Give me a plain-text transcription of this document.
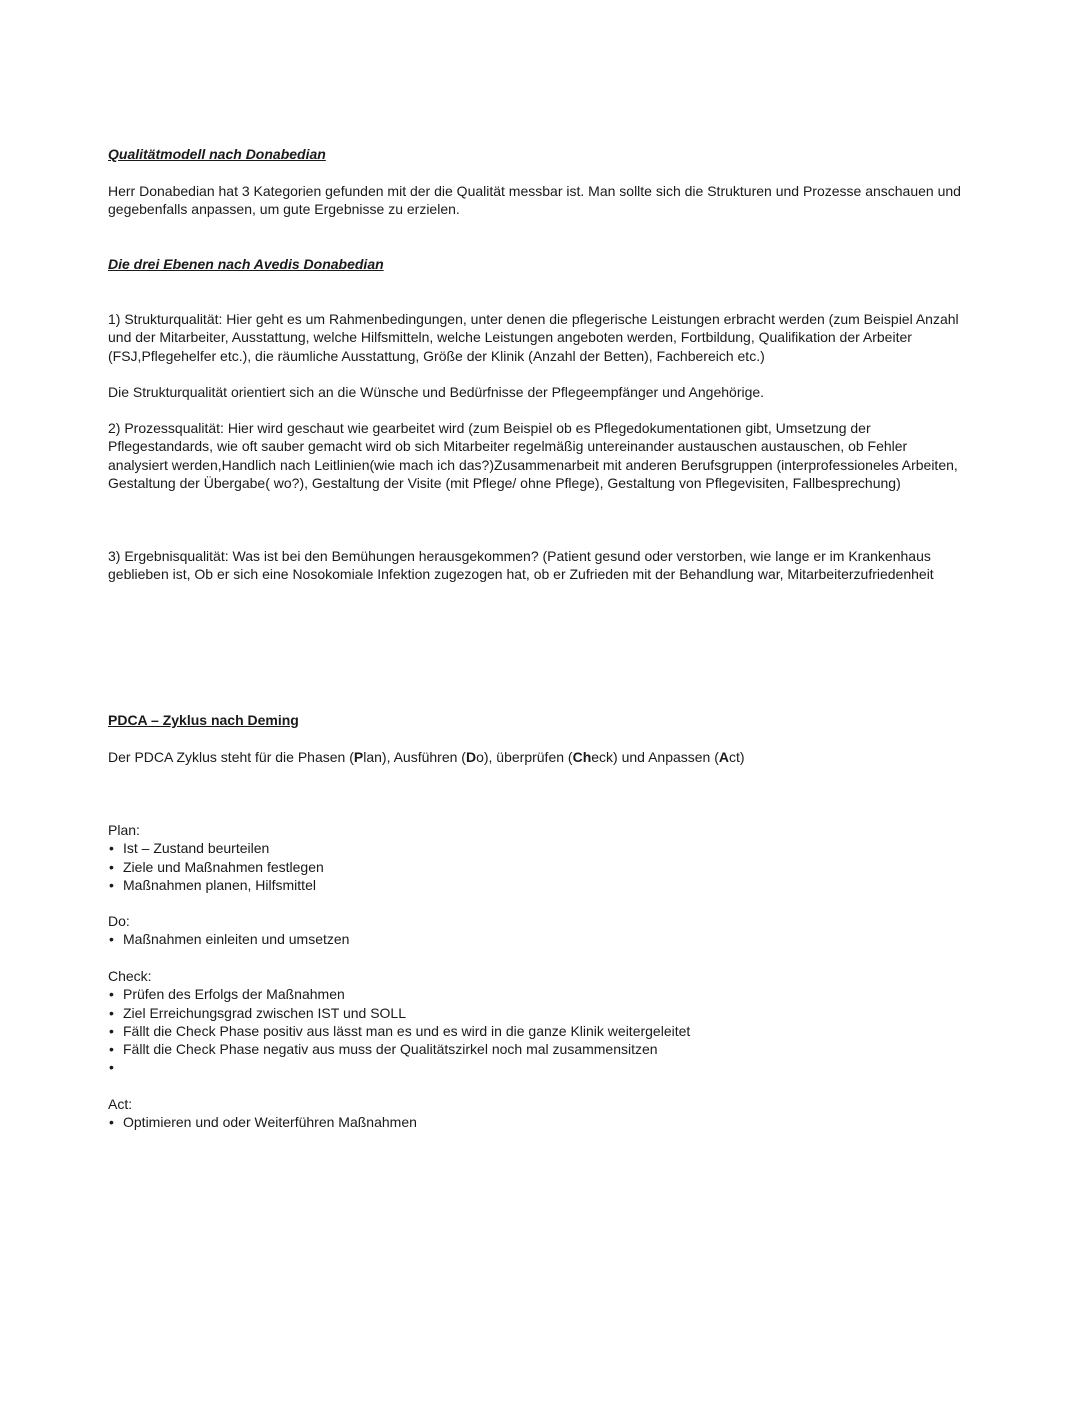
Qualitätmodell nach Donabedian

Herr Donabedian hat 3 Kategorien gefunden mit der die Qualität messbar ist. Man sollte sich die Strukturen und Prozesse anschauen und gegebenfalls anpassen, um gute Ergebnisse zu erzielen.

Die drei Ebenen nach Avedis Donabedian

1) Strukturqualität: Hier geht es um Rahmenbedingungen, unter denen die pflegerische Leistungen erbracht werden (zum Beispiel Anzahl und der Mitarbeiter, Ausstattung, welche Hilfsmitteln, welche Leistungen angeboten werden, Fortbildung, Qualifikation der Arbeiter (FSJ,Pflegehelfer etc.), die räumliche Ausstattung, Größe der Klinik (Anzahl der Betten), Fachbereich etc.)

Die Strukturqualität orientiert sich an die Wünsche und Bedürfnisse der Pflegeempfänger und Angehörige.

2) Prozessqualität: Hier wird geschaut wie gearbeitet wird (zum Beispiel ob es Pflegedokumentationen gibt, Umsetzung der Pflegestandards, wie oft sauber gemacht wird ob sich Mitarbeiter regelmäßig untereinander austauschen austauschen, ob Fehler analysiert werden,Handlich nach Leitlinien(wie mach ich das?)Zusammenarbeit mit anderen Berufsgruppen (interprofessioneles Arbeiten, Gestaltung der Übergabe( wo?), Gestaltung der Visite (mit Pflege/ ohne Pflege), Gestaltung von Pflegevisiten, Fallbesprechung)

3) Ergebnisqualität: Was ist bei den Bemühungen herausgekommen? (Patient gesund oder verstorben, wie lange er im Krankenhaus geblieben ist, Ob er sich eine Nosokomiale Infektion zugezogen hat, ob er Zufrieden mit der Behandlung war, Mitarbeiterzufriedenheit

PDCA – Zyklus nach Deming

Der PDCA Zyklus steht für die Phasen (Plan), Ausführen (Do), überprüfen (Check) und Anpassen (Act)

Plan:

• Ist – Zustand beurteilen
• Ziele und Maßnahmen festlegen
• Maßnahmen planen, Hilfsmittel

Do:

• Maßnahmen einleiten und umsetzen

Check:

• Prüfen des Erfolgs der Maßnahmen
• Ziel Erreichungsgrad zwischen IST und SOLL
• Fällt die Check Phase positiv aus lässt man es und es wird in die ganze Klinik weitergeleitet
• Fällt die Check Phase negativ aus muss der Qualitätszirkel noch mal zusammensitzen
•

Act:

• Optimieren und oder Weiterführen Maßnahmen
